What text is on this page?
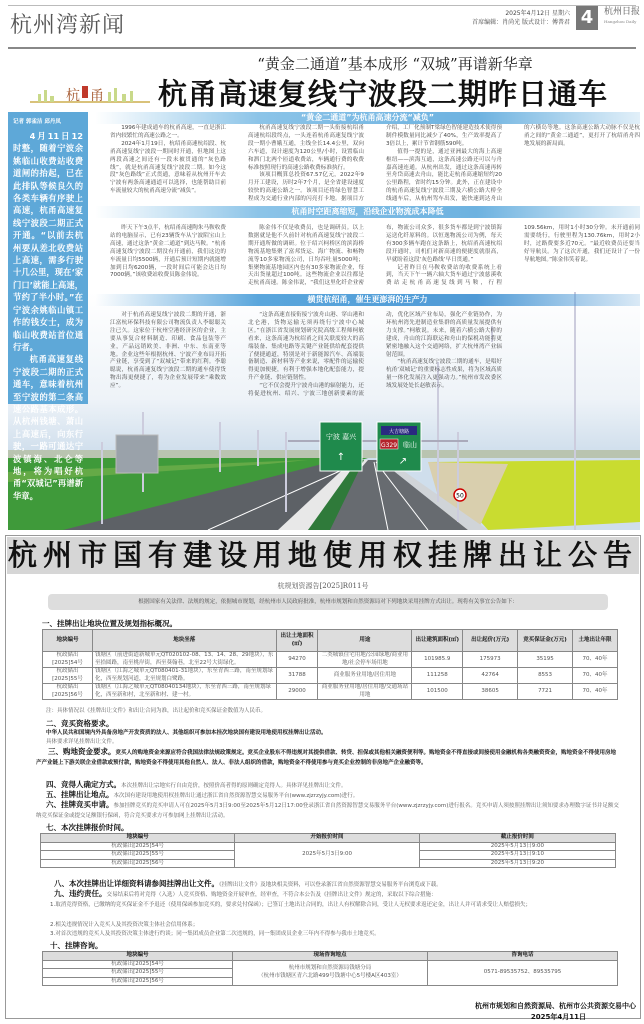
杭州湾新闻	2025年4月12日 星期六
首席编辑：肖尚光 版式设计：傅普君 4	杭州日报
Hangzhou Daily
杭 甬
“黄金二通道”基本成形 “双城”再谱新华章
杭甬高速复线宁波段二期昨日通车
宁波 嘉兴
↑
大吉塘路
G329 临山
↗
50
记者 郭雀洁 邱丹凤

4月11日12时整，随着宁波余姚临山收费站收费道闸的抬起，已在此排队等候良久的各类车辆有序驶上高速，杭甬高速复线宁波段二期正式开通。“以前去杭州要从差北收费站上高速，需多行驶十几公里，现在‘家门口’就能上高速，节约了半小时。”在宁波余姚临山镇工作的钱女士，成为临山收费站首位通行者。

杭甬高速复线宁波段二期的正式通车，意味着杭州至宁波的第二条高速公路基本成形。从杭州钱塘、萧山上高速后，向东行驶，一路可通达宁波镇海、北仑等地，将为唱好杭甬“双城记”再谱新华章。

“黄金二通道”为杭甬高速分流“减负”

1996年建成通车的杭甬高速，一直是浙江省内较繁忙的高速公路之一。

2024年1月19日，杭绍甬高速杭绍段、杭甬高速复线宁波段一期同时开通，但地图上这两段高速之间还有一段未被贯通的“灰色路线”，就是杭甬高速复线宁波段二期。如今这段“灰色路线”正式贯通，意味着从杭州开车去宁波有两条高速通道可以选择，也能帮助目前车流量较大的杭甬高速分流“减负”。

杭甬高速复线宁波段二期一头衔接杭绍甬高速杭绍段终点，一头连着杭甬高速复线宁波段一期小曹娥互通，主线全长14.4公里，双向六车道，设计速度为120公里/小时，设置临山和泗门北两个匝道收费站，车辆通行费的收费标准按照现行的高速公路收费标准执行。

该项目概算总投资67.57亿元，2022年9月开工建设，历时2年7个月，是全省建设速度较快的高速公路之一。该项目还将绿色智慧工程成为交通行业内部的闪亮打卡地。据项目方介绍，工厂化预制T梁绿色智能建造技术使得预制件模数量同比减少了40%，生产效率提高了3倍以上，累计节省钢筋590吨。

值得一提的是，通过亚洲最大的海上高速枢纽——滨海互通，这条高速公路还可以与舟嘉高速连通。从杭州出发，通过这条高速再转至舟岱高速去舟山，能比走杭甬高速缩短约20公里路程，省时约15分钟。此外，正在建设中的杭甬高速复线宁波段三期及六横公路大桥全线通车后，从杭州驾车出发，能快速到达舟山的六横岛等地。这条高速公路大动脉不仅是杭甬之间的“黄金二通道”，更打开了杭绍甬舟四地发展的新局面。

杭甬时空距离缩短，沿线企业物流成本降低

昨天下午3点半，杭绍甬高速陶朱马鞍收费站的电脑显示，已有23辆货车从宁波陌宝山上高速，通过这条“黄金二通道”到达马鞍。“杭甬高速复线宁波段二期没有开通前，我们这边的车流量日均5500辆，开通后预计短期内就能增加到日均6200辆，一段时间后可能会达日均7000辆。”该收费站收费员陈金伟说。

陈金伟不仅是收费员，也是调研员。以上数据就是他不久前针对杭甬高速复线宁波段二期开通所做的调研。位于绍兴柯桥区的滨海桥物流基地集聚了富邦货运、海广物流、和畅物流等10多家物流公司，日均吞吐量5000吨；集聚物流基地园区内也有30多家物流企业，每天出货量超过100吨。这些物流企业以往都是走杭甬高速。陈金伟说，“我们这里化纤企业密布，物流公司众多，很多货车都是到宁波镇海运送化纤原料的。以恒逸物流公司为例，每天有300多辆车跑在这条路上，杭绍甬高速杭绍段开通时，司机们对新高速的便捷度就很高，早就盼着这段‘灰色路线’早日贯通。”

记者昨日在马鞍收费站的收费系统上看到，当天下午一辆六轴大货车通过宁波慈溪收费站走杭甬高速复线到马鞍，行程109.56km，用时1小时30分钟。未开通前同需要绕行，行驶里程为130.76km，用时2小时，过路费要多近70元。“最近收费员还要当好导航员。为了这次开通，我们还设计了一份导航地图。”陈金伟笑着说。

横贯杭绍甬，催生更澎湃的生产力

对于杭甬高速复线宁波段二期的开通，浙江富杭环保科技有限公司物流负责人李聪聪关注已久。这家位于杭州空港经济区的企业，主要从事复合材料制造、印刷、食品包装等产业，产品远销欧美、非洲、中东、东南亚等地。企业这些年根据杭州、宁波产业布局开拓产业链，享受到了“双城记”带来的红利。李聪聪说，杭甬高速复线宁波段二期的通车使得货物出海更便捷了，将为企业发展带来“乘数效应”。

“这条高速直接衔接宁波舟山港、穿山港和北仑港，货物运输无须再绕行宁波中心城区。”在浙江省发展规划研究院高级工程师柯敏看来，这条高速为杭绍甬之间关联度较大的高端装备、集成电路等关键产业链供给配套提供了便捷通道，特别是对于新能源汽车、高端装备制造、新材料等产业来说，零配件的运输使得更加便捷，有利于增强本地化配套能力，提升产业链、供应链韧性。

“它不仅会提升宁波舟山港的辐射能力，还将促进杭州、绍兴、宁波三地创新要素的流动，优化区域产业布局，强化产业链协作，为环杭州湾先进制造业集群的高质量发展提供有力支撑。”柯敏说。未来，随着六横公路大桥的建成，舟山的江海联运和舟山的保税功能将更紧密地融入这个交通网络，扩大杭州湾产业辐射范围。

“杭甬高速复线宁波段二期的通车，是唱好杭甬‘双城记’的重要标志性成果，将为区域高质量一体化发展注入更强动力。”杭州市发改委区域发展处处长赵敏表示。

杭州市国有建设用地使用权挂牌出让公告
杭规划资源告[2025]R011号
根据国家有关法律、法规的规定，依据城市规划，经杭州市人民政府批准，杭州市规划和自然资源局对下列地块采用挂牌方式出让。现将有关事宜公告如下：
一、挂牌出让地块位置及规划指标概况。
地块编号	地块坐落	出让土地面积(㎡)	用途	出让建筑面积(㎡)	出让起价(万元)	竞买保证金(万元)	土地出让年限
杭政储出[2025]54号	钱塘区（前进街道新城单元QT020102-08、13、14、28、29地块），东至拾圆路，南至桃岸街，西至葵翰巷，北至22号大街绿化。	94270	二类城镇住宅用地/公园绿地/商业用地/社会停车场用地	101985.9	175973	35195	70、40年
杭政储出[2025]55号	钱塘区（江海之城单元QT080401-31地块），东至青西三路，南至规划绿化，西至规划河道，北至规划白鹭路。	31788	商业服务业用地/居住用地	111258	42764	8553	70、40年
杭政储出[2025]56号	钱塘区（江海之城单元QT08040134地块），东至青西三路，南至规划绿化，西至新和村，北至新和村、建一村。	29000	商业服务业用地/居住用地/交通场站用地	101500	38605	7721	70、40年
注：具体情况以《挂牌出让文件》和出让合同为准，出让起价和竞买保证金数值为人民币。
二、竞买资格要求。
中华人民共和国境内外具备房地产开发资质的法人、其他组织可参加本挂次地块国有建设用地使用权挂牌出让活动。
具体要求详见挂牌出让文件。
三、购地资金要求。竞买人的购地资金来源应符合我国法律法规政策规定。竞买企业股东不得违规对其提供借款、转贷、担保或其他相关融资便利等。购地资金不得直接或间接使用金融机构各类融资资金，购地资金不得使用房地产产业链上下游关联企业借款或预付款，购地资金不得使用其他自然人、法人、非法人组织的借款，购地资金不得使用参与竞买企业控制的非房地产企业融资等。
四、竞得人确定方式。本次挂牌出让宗地实行自由竞价，按照价高者得的原则确定竞得人。具体详见挂牌出让文件。
五、挂牌出让地点。本次国有建设用地使用权挂牌出让通过浙江省自然资源智慧交易服务平台(www.zjzrzyjy.com)进行。
六、挂牌竞买申请。参加挂牌竞买的竞买申请人可在2025年5月3日9:00至2025年5月12日17:00登录浙江省自然资源智慧交易服务平台(www.zjzrzyjy.com)进行报名。竞买申请人须按照挂牌出让须知要求办理数字证书并足额交纳竞买保证金或提交足额银行保函，符合竞买要求方可参加网上挂牌出让活动。
七、本次挂牌报价时间。
地块编号	开始报价时间	截止报价时间
杭政储出[2025]54号	2025年5月3日9:00	2025年5月13日9:00
杭政储出[2025]55号		2025年5月13日9:10
杭政储出[2025]56号		2025年5月13日9:20
八、本次挂牌出让详细资料请参阅挂牌出让文件。《挂牌出让文件》及地块相关资料，可以登录浙江省自然资源智慧交易服务平台浏览或下载。
九、违约责任。交易结束后将对竞得（入选）人竞买资格、购地资金开展审查，经审查，不符合本公告及《挂牌出让文件》规定的，采取以下综合措施：
1.取消竞得资格，已缴纳的竞买保证金不予退还（使用保函参加竞买的，要求兑付保函）；已签订土地出让合同的，出让人有权解除合同，受让人无权要求返还定金，出让人并可请求受让人赔偿损失；
2.相关违规情况计入竞买人及其投资决策主体社会信用体系；
3.对首次违规的竞买人及其投资决策主体进行约谈；同一集团成员企业第二次违规的，同一集团成员企业三年内不得参与我市土地竞买。
十、挂牌咨询。
地块编号	现场咨询地点	咨询电话
杭政储出[2025]54号	杭州市规划和自然资源局钱塘分局
（杭州市钱塘区青六北路499号钱塘中心5号楼A区403室）	0571-89535752、89535795
杭政储出[2025]55号		
杭政储出[2025]56号		
杭州市规划和自然资源局、杭州市公共资源交易中心
2025年4月11日
